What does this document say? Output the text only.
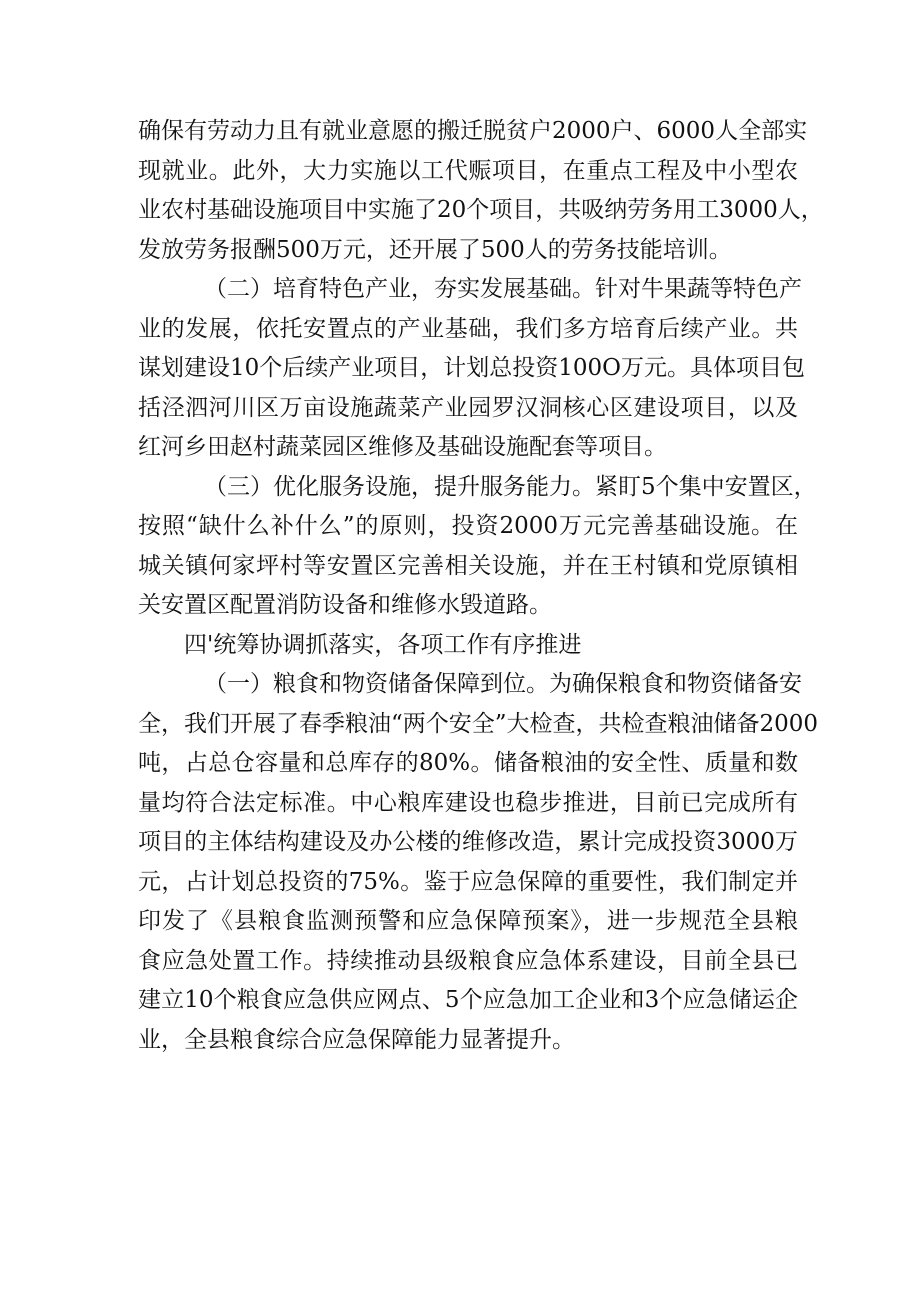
确保有劳动力且有就业意愿的搬迁脱贫户2000户、6000人全部实
现就业。此外，大力实施以工代赈项目，在重点工程及中小型农
业农村基础设施项目中实施了20个项目，共吸纳劳务用工3000人，
发放劳务报酬500万元，还开展了500人的劳务技能培训。
（二）培育特色产业，夯实发展基础。针对牛果蔬等特色产
业的发展，依托安置点的产业基础，我们多方培育后续产业。共
谋划建设10个后续产业项目，计划总投资100O万元。具体项目包
括泾泗河川区万亩设施蔬菜产业园罗汉洞核心区建设项目，以及
红河乡田赵村蔬菜园区维修及基础设施配套等项目。
（三）优化服务设施，提升服务能力。紧盯5个集中安置区，
按照“缺什么补什么”的原则，投资2000万元完善基础设施。在
城关镇何家坪村等安置区完善相关设施，并在王村镇和党原镇相
关安置区配置消防设备和维修水毁道路。
四'统筹协调抓落实，各项工作有序推进
（一）粮食和物资储备保障到位。为确保粮食和物资储备安
全，我们开展了春季粮油“两个安全”大检查，共检查粮油储备2000
吨，占总仓容量和总库存的80%。储备粮油的安全性、质量和数
量均符合法定标准。中心粮库建设也稳步推进，目前已完成所有
项目的主体结构建设及办公楼的维修改造，累计完成投资3000万
元，占计划总投资的75%。鉴于应急保障的重要性，我们制定并
印发了《县粮食监测预警和应急保障预案》，进一步规范全县粮
食应急处置工作。持续推动县级粮食应急体系建设，目前全县已
建立10个粮食应急供应网点、5个应急加工企业和3个应急储运企
业，全县粮食综合应急保障能力显著提升。
